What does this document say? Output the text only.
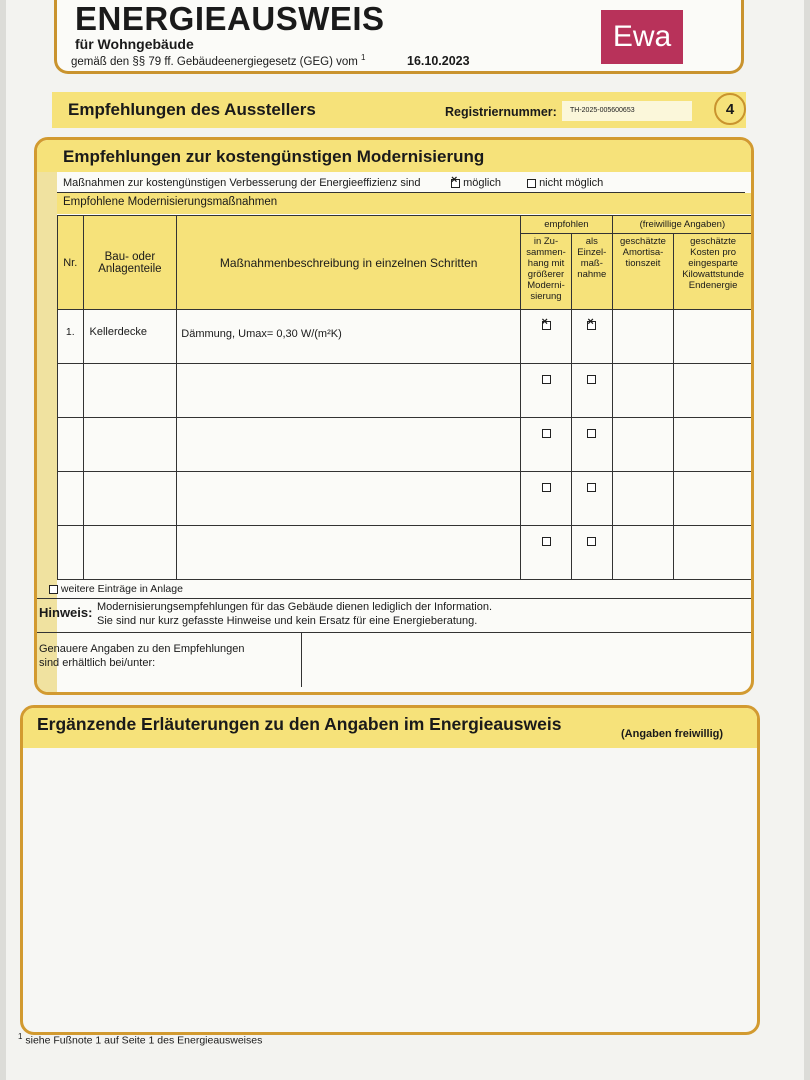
ENERGIEAUSWEIS
für Wohngebäude
gemäß den §§ 79 ff. Gebäudeenergiegesetz (GEG) vom $^1$	16.10.2023
Ewa
Empfehlungen des Ausstellers	Registriernummer:	TH-2025-005600653	4
Empfehlungen zur kostengünstigen Modernisierung
Maßnahmen zur kostengünstigen Verbesserung der Energieeffizienz sind ×	möglich	nicht möglich
Empfohlene Modernisierungsmaßnahmen
Nr.	Bau- oder Anlagenteile	Maßnahmenbeschreibung in einzelnen Schritten	empfohlen		(freiwillige Angaben)	
			in Zu-sammen-hang mit größerer Moderni-sierung	als Einzel-maß-nahme	geschätzte Amortisa-tionszeit	geschätzte Kosten pro eingesparte Kilowattstunde Endenergie
1.	Kellerdecke	Dämmung, Umax= 0,30 W/(m²K)	×	×		

weitere Einträge in Anlage
Hinweis: Modernisierungsempfehlungen für das Gebäude dienen lediglich der Information.
Sie sind nur kurz gefasste Hinweise und kein Ersatz für eine Energieberatung.
Genauere Angaben zu den Empfehlungen
sind erhältlich bei/unter:
Ergänzende Erläuterungen zu den Angaben im Energieausweis	(Angaben freiwillig)
$^1$ siehe Fußnote 1 auf Seite 1 des Energieausweises
